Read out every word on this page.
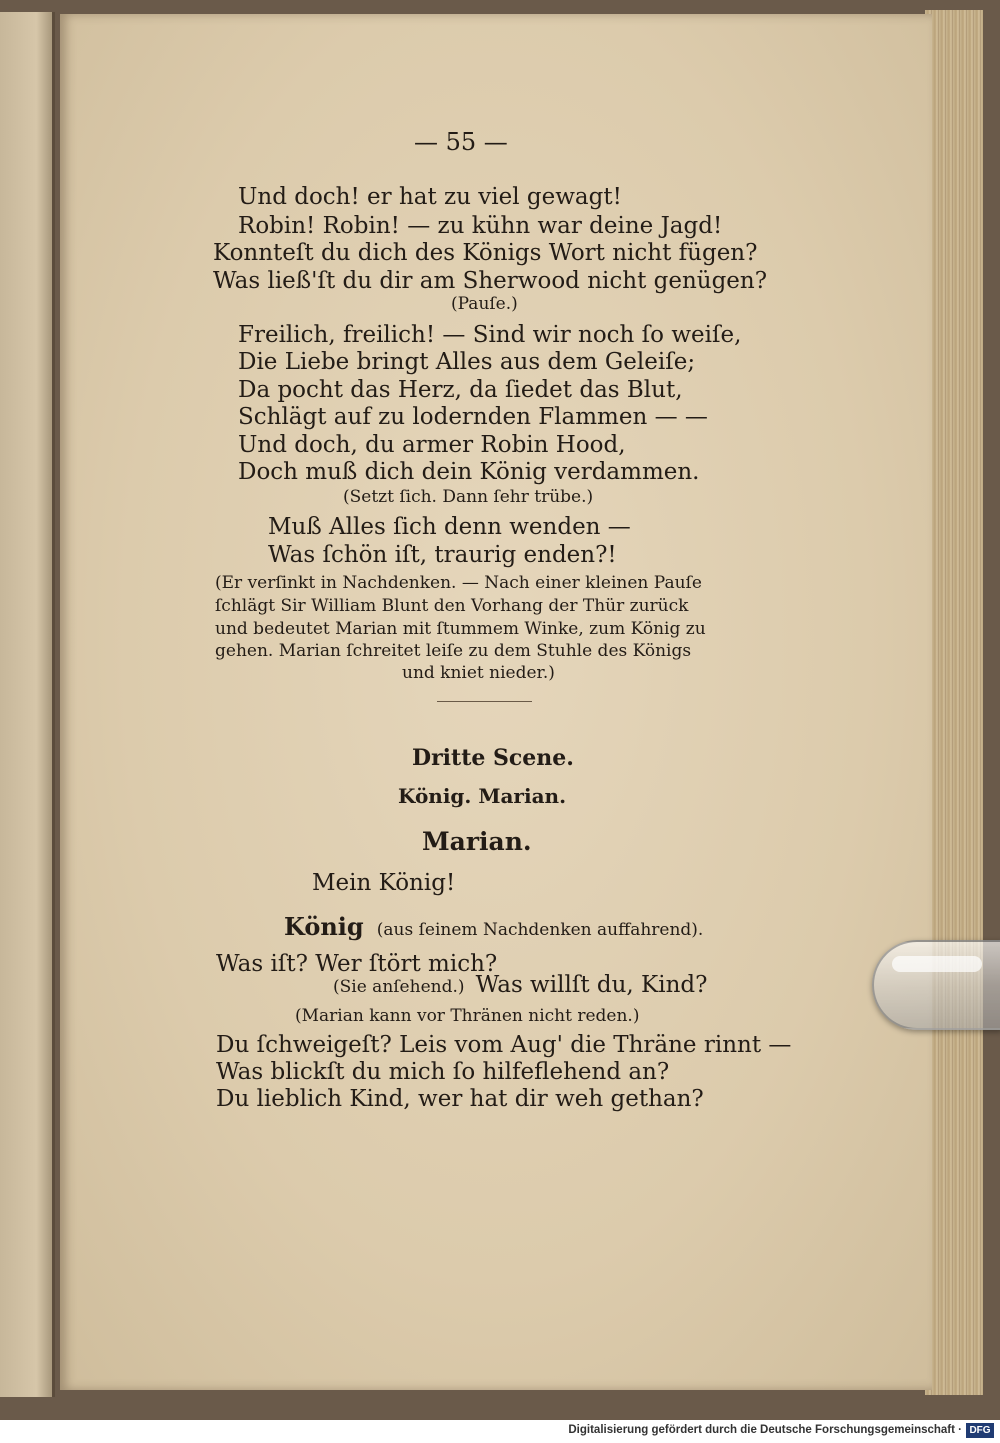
— 55 —
Und doch! er hat zu viel gewagt!
Robin! Robin! — zu kühn war deine Jagd!
Konnteſt du dich des Königs Wort nicht fügen?
Was ließ'ſt du dir am Sherwood nicht genügen?
(Pauſe.)
Freilich, freilich! — Sind wir noch ſo weiſe,
Die Liebe bringt Alles aus dem Geleiſe;
Da pocht das Herz, da ſiedet das Blut,
Schlägt auf zu lodernden Flammen — —
Und doch, du armer Robin Hood,
Doch muß dich dein König verdammen.
(Setzt ſich. Dann ſehr trübe.)
Muß Alles ſich denn wenden —
Was ſchön iſt, traurig enden?!
(Er verſinkt in Nachdenken. — Nach einer kleinen Pauſe
ſchlägt Sir William Blunt den Vorhang der Thür zurück
und bedeutet Marian mit ſtummem Winke, zum König zu
gehen. Marian ſchreitet leiſe zu dem Stuhle des Königs
und kniet nieder.)
Dritte Scene.
König. Marian.
Marian.
Mein König!
König (aus ſeinem Nachdenken auffahrend).
Was iſt? Wer ſtört mich?
(Sie anſehend.) Was willſt du, Kind?
(Marian kann vor Thränen nicht reden.)
Du ſchweigeſt? Leis vom Aug' die Thräne rinnt —
Was blickſt du mich ſo hilfeflehend an?
Du lieblich Kind, wer hat dir weh gethan?
Digitalisierung gefördert durch die Deutsche Forschungsgemeinschaft · DFG
